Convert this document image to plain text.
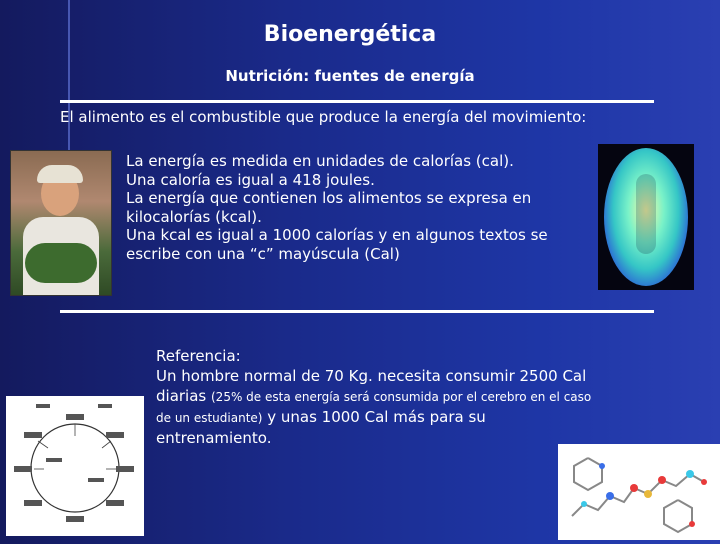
Bioenergética
Nutrición: fuentes de energía
El alimento es el combustible que produce la energía del movimiento:
La energía es medida en unidades de calorías (cal).
Una caloría es igual a 418 joules.
La energía que contienen los alimentos se expresa en kilocalorías (kcal).
Una kcal es igual a 1000 calorías y en algunos textos se escribe con una “c” mayúscula (Cal)
Referencia:
Un hombre normal de 70 Kg. necesita consumir 2500 Cal diarias (25% de esta energía será consumida por el cerebro en el caso de un estudiante) y unas 1000 Cal más para su entrenamiento.
